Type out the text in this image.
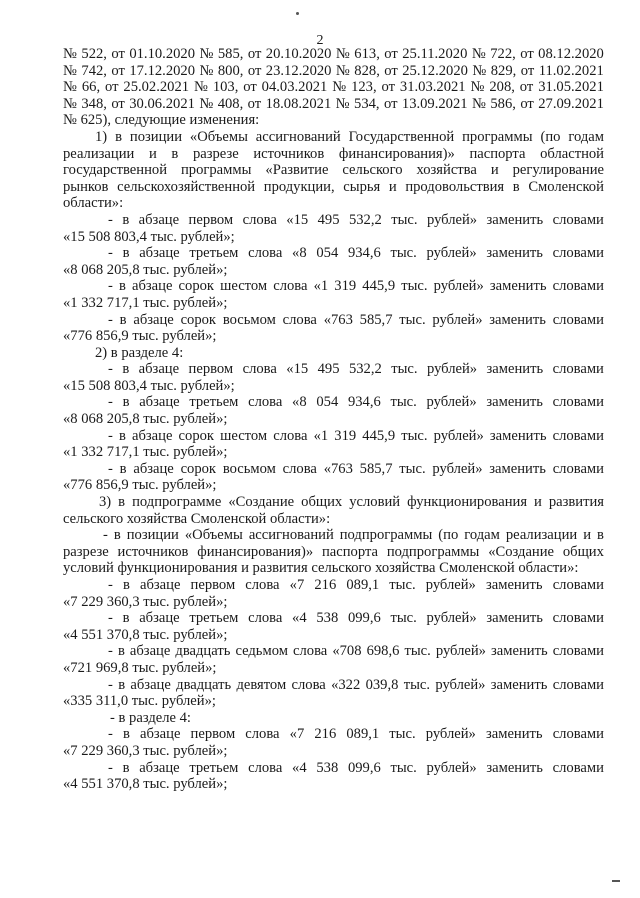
2
№ 522, от 01.10.2020 № 585, от 20.10.2020 № 613, от 25.11.2020 № 722, от 08.12.2020
№ 742, от 17.12.2020 № 800, от 23.12.2020 № 828, от 25.12.2020 № 829, от 11.02.2021
№ 66, от 25.02.2021 № 103, от 04.03.2021 № 123, от 31.03.2021 № 208, от 31.05.2021
№ 348, от 30.06.2021 № 408, от 18.08.2021 № 534, от 13.09.2021 № 586, от 27.09.2021
№ 625), следующие изменения:
1) в позиции «Объемы ассигнований Государственной программы (по годам
реализации и в разрезе источников финансирования)» паспорта областной
государственной программы «Развитие сельского хозяйства и регулирование
рынков сельскохозяйственной продукции, сырья и продовольствия в Смоленской
области»:
- в абзаце первом слова «15 495 532,2 тыс. рублей» заменить словами
«15 508 803,4 тыс. рублей»;
- в абзаце третьем слова «8 054 934,6 тыс. рублей» заменить словами
«8 068 205,8 тыс. рублей»;
- в абзаце сорок шестом слова «1 319 445,9 тыс. рублей» заменить словами
«1 332 717,1 тыс. рублей»;
- в абзаце сорок восьмом слова «763 585,7 тыс. рублей» заменить словами
«776 856,9 тыс. рублей»;
2) в разделе 4:
- в абзаце первом слова «15 495 532,2 тыс. рублей» заменить словами
«15 508 803,4 тыс. рублей»;
- в абзаце третьем слова «8 054 934,6 тыс. рублей» заменить словами
«8 068 205,8 тыс. рублей»;
- в абзаце сорок шестом слова «1 319 445,9 тыс. рублей» заменить словами
«1 332 717,1 тыс. рублей»;
- в абзаце сорок восьмом слова «763 585,7 тыс. рублей» заменить словами
«776 856,9 тыс. рублей»;
3) в подпрограмме «Создание общих условий функционирования и развития
сельского хозяйства Смоленской области»:
- в позиции «Объемы ассигнований подпрограммы (по годам реализации и в
разрезе источников финансирования)» паспорта подпрограммы «Создание общих
условий функционирования и развития сельского хозяйства Смоленской области»:
- в абзаце первом слова «7 216 089,1 тыс. рублей» заменить словами
«7 229 360,3 тыс. рублей»;
- в абзаце третьем слова «4 538 099,6 тыс. рублей» заменить словами
«4 551 370,8 тыс. рублей»;
- в абзаце двадцать седьмом слова «708 698,6 тыс. рублей» заменить словами
«721 969,8 тыс. рублей»;
- в абзаце двадцать девятом слова «322 039,8 тыс. рублей» заменить словами
«335 311,0 тыс. рублей»;
- в разделе 4:
- в абзаце первом слова «7 216 089,1 тыс. рублей» заменить словами
«7 229 360,3 тыс. рублей»;
- в абзаце третьем слова «4 538 099,6 тыс. рублей» заменить словами
«4 551 370,8 тыс. рублей»;
